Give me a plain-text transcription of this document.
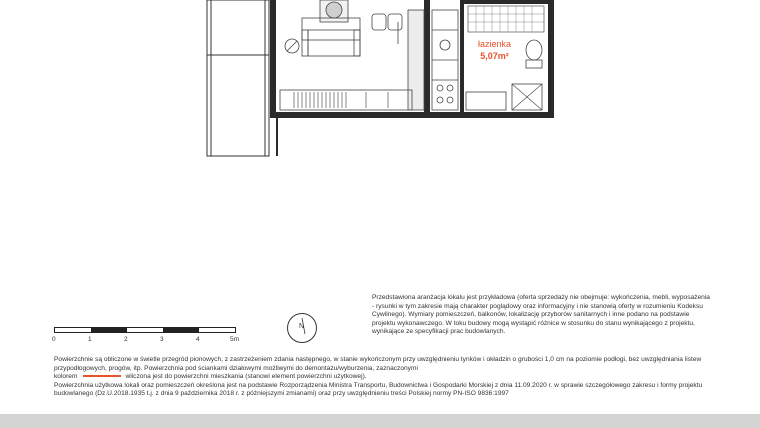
łazienka
5,07m²
0	1	2	3	4	5m
N
Przedstawiona aranżacja lokalu jest przykładowa (oferta sprzedaży nie obejmuje: wykończenia, mebli, wyposażenia - rysunki w tym zakresie mają charakter poglądowy oraz informacyjny i nie stanowią oferty w rozumieniu Kodeksu Cywilnego). Wymiary pomieszczeń, balkonów, lokalizację przyborów sanitarnych i inne podano na podstawie projektu wykonawczego. W toku budowy mogą wystąpić różnice w stosunku do stanu wynikającego z projektu, wynikające ze specyfikacji prac budowlanych.

Powierzchnie są obliczone w świetle przegród pionowych, z zastrzeżeniem zdania następnego, w stanie wykończonym przy uwzględnieniu tynków i okładzin o grubości 1,0 cm na poziomie podłogi, bez uwzględniania listew przypodłogowych, progów, itp. Powierzchnia pod ściankami działowymi możliwymi do demontażu/wyburzenia, zaznaczonymi

kolorem	wliczona jest do powierzchni mieszkania (stanowi element powierzchni użytkowej).

Powierzchnia użytkowa lokali oraz pomieszczeń określona jest na podstawie Rozporządzenia Ministra Transportu, Budownictwa i Gospodarki Morskiej z dnia 11.09.2020 r. w sprawie szczegółowego zakresu i formy projektu budowlanego (Dz.U.2018.1935 t.j. z dnia 9 października 2018 r. z późniejszymi zmianami) oraz przy uwzględnieniu treści Polskiej normy PN-ISO 9836:1997
